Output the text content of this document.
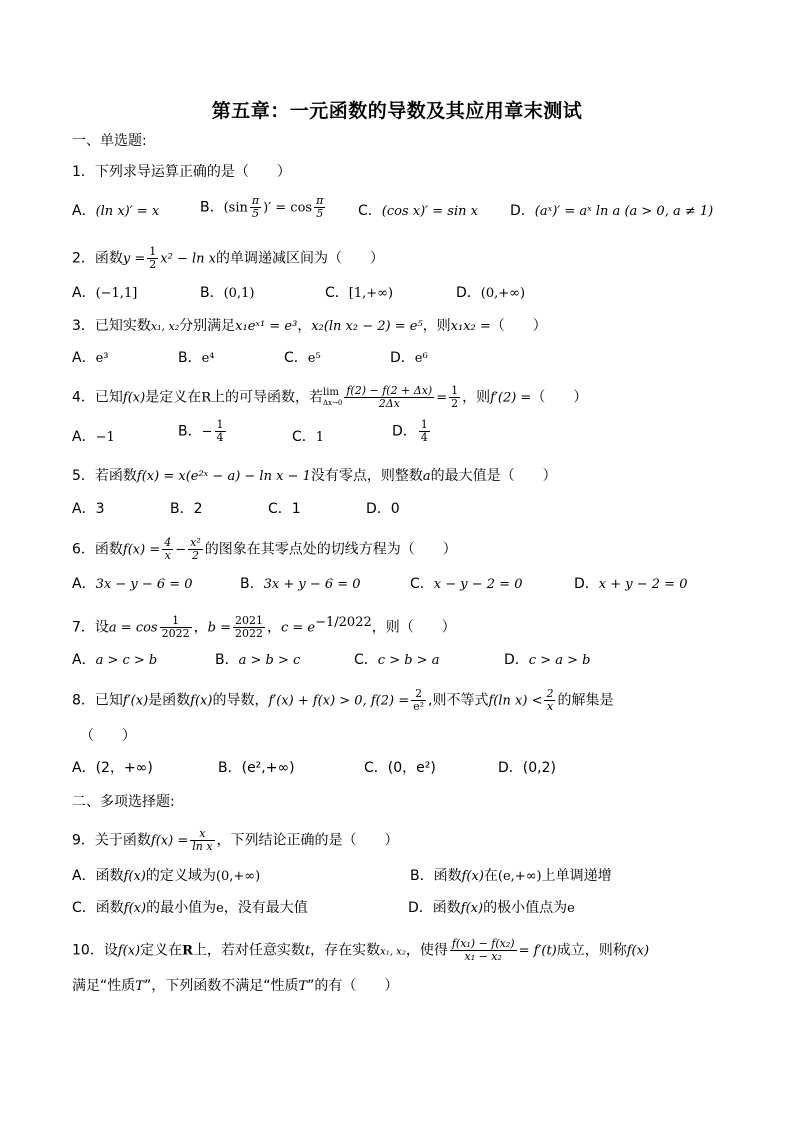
第五章：一元函数的导数及其应用章末测试
一、单选题:
1．下列求导运算正确的是（　　）
A．(ln x)′ = x	B．($\sin \frac{\pi}{5}$ )′ = $\cos \frac{\pi}{5}$ C．(cos x)′ = sin x	D．(aˣ)′ = aˣ ln a (a > 0, a ≠ 1)
2．函数$y = \frac{1}{2} x^2 - \ln x$的单调递减区间为（　　）
A．(−1,1]	B．(0,1)	C．[1,+∞)	D．(0,+∞)
3．已知实数x₁, x₂分别满足x₁eˣ¹ = e³，x₂(ln x₂ − 2) = e⁵，则x₁x₂ =（　　）
A．e³	B．e⁴	C．e⁵	D．e⁶
4．已知f(x)是定义在R上的可导函数，若 lim
$\Delta x\to 0 \frac{f(2) - f(2 + \Delta x)}{2\Delta x} = \frac{1}{2}$ ，则f′(2) =（　　）
A．−1	B．− $\frac{1}{4}$	C．1	D． $\frac{1}{4}$
5．若函数f(x) = x(e²ˣ − a) − ln x − 1没有零点，则整数a的最大值是（　　）
A．3	B．2	C．1	D．0
6．函数$f(x) = \frac{4}{x} - \frac{\text{x²}}{2}$ 的图象在其零点处的切线方程为（　　）
A．3x − y − 6 = 0	B．3x + y − 6 = 0	C．x − y − 2 = 0	D．x + y − 2 = 0
7．设$a = \cos \frac{1}{2022}$ ，$b = \frac{2021}{2022}$ ，$c = e^{-1/2022}$，则（　　）
A．a > c > b	B．a > b > c	C．c > b > a	D．c > a > b
8．已知f′(x)是函数f(x)的导数，f′(x) + f(x) > 0, $f(2) = \frac{2}{\text{e²}}$ ,则不等式f(ln $x) < \frac{2}{x}$ 的解集是
（　　）
A．(2，+∞)	B．(e²,+∞)	C．(0，e²)	D．(0,2)
二、多项选择题:
9．关于函数$f(x) = \frac{x}{\text{ln x}}$ ，下列结论正确的是（　　）
A．函数f(x)的定义域为(0,+∞)	B．函数f(x)在(e,+∞)上单调递增
C．函数f(x)的最小值为e，没有最大值	D．函数f(x)的极小值点为e
10．设f(x)定义在R上，若对任意实数t，存在实数x₁, x₂，使得 $\frac{\text{f(x₁) − f(x₂)}}{\text{x₁ − x₂}} = f'(t)$成立，则称f(x)
满足“性质T”，下列函数不满足“性质T”的有（　　）
